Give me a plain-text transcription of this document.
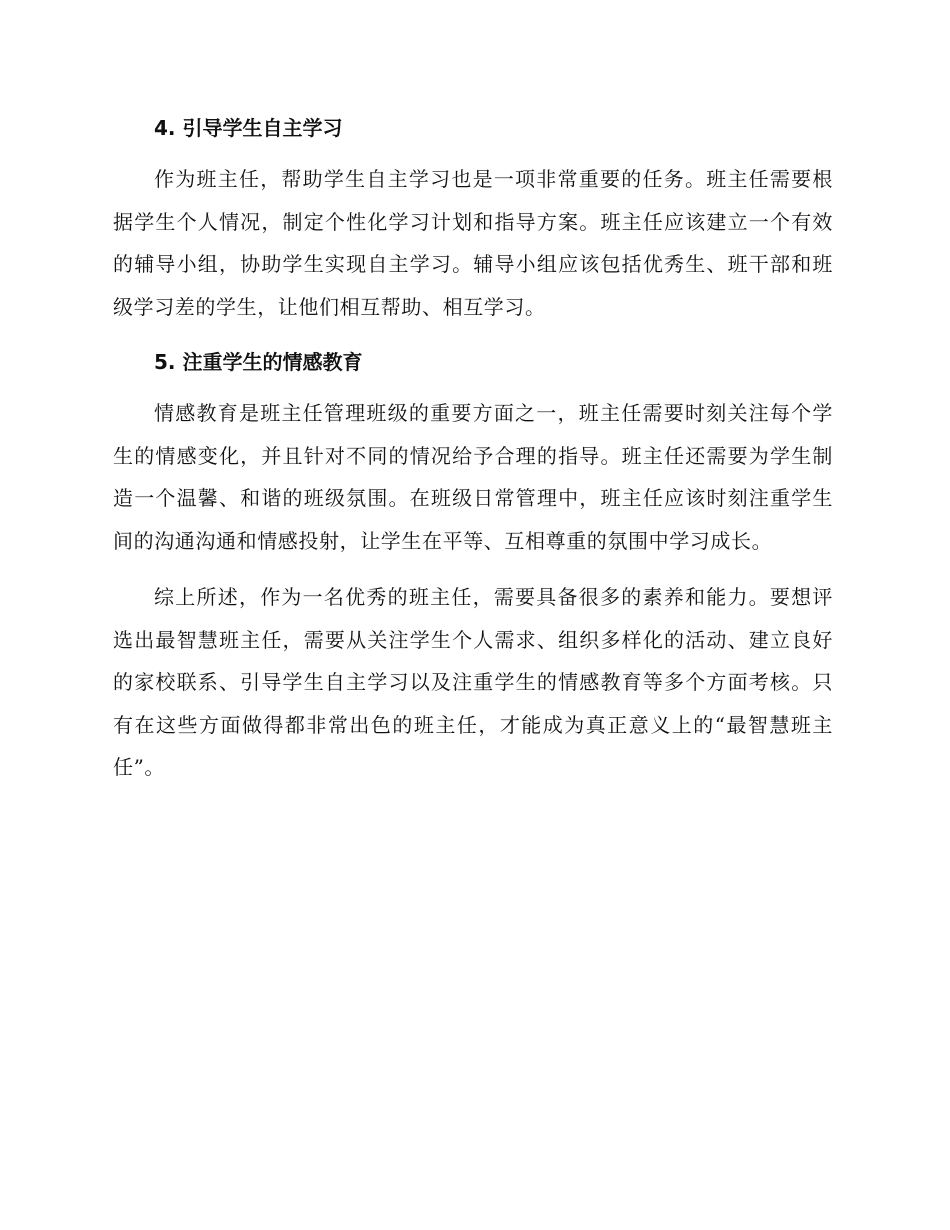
4. 引导学生自主学习

作为班主任，帮助学生自主学习也是一项非常重要的任务。班主任需要根据学生个人情况，制定个性化学习计划和指导方案。班主任应该建立一个有效的辅导小组，协助学生实现自主学习。辅导小组应该包括优秀生、班干部和班级学习差的学生，让他们相互帮助、相互学习。

5. 注重学生的情感教育

情感教育是班主任管理班级的重要方面之一，班主任需要时刻关注每个学生的情感变化，并且针对不同的情况给予合理的指导。班主任还需要为学生制造一个温馨、和谐的班级氛围。在班级日常管理中，班主任应该时刻注重学生间的沟通沟通和情感投射，让学生在平等、互相尊重的氛围中学习成长。

综上所述，作为一名优秀的班主任，需要具备很多的素养和能力。要想评选出最智慧班主任，需要从关注学生个人需求、组织多样化的活动、建立良好的家校联系、引导学生自主学习以及注重学生的情感教育等多个方面考核。只有在这些方面做得都非常出色的班主任，才能成为真正意义上的“最智慧班主任”。
